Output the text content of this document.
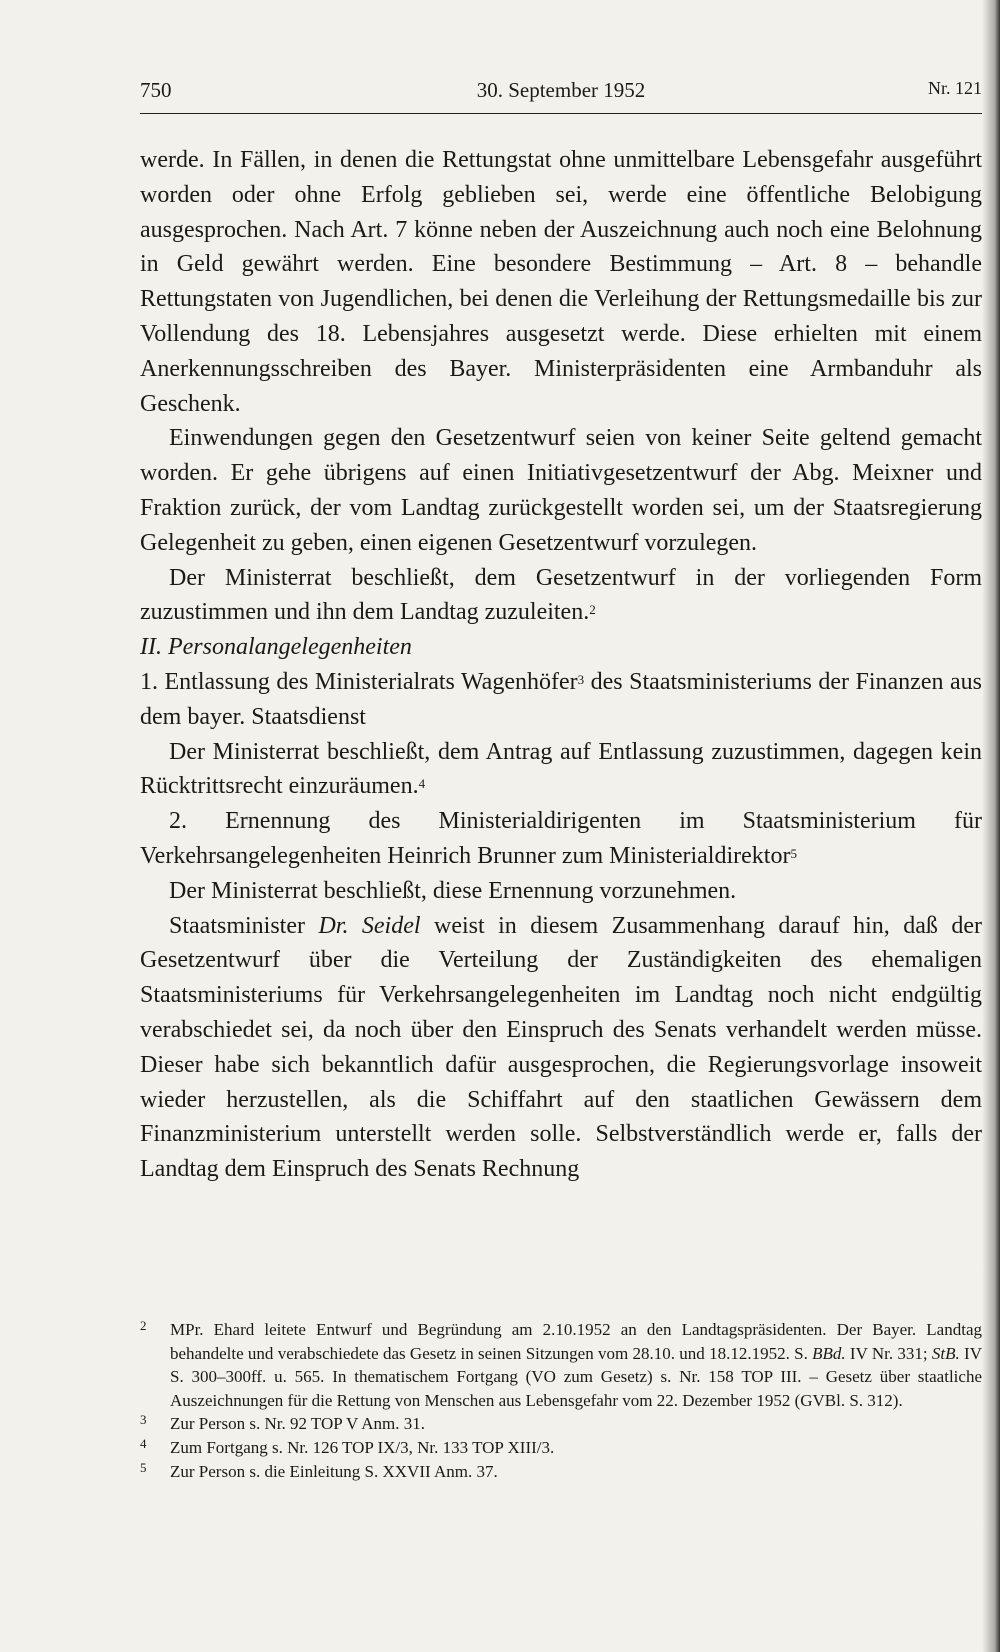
750	30. September 1952	Nr. 121

werde. In Fällen, in denen die Rettungstat ohne unmittelbare Lebensgefahr ausgeführt worden oder ohne Erfolg geblieben sei, werde eine öffentliche Belobigung ausgesprochen. Nach Art. 7 könne neben der Auszeichnung auch noch eine Belohnung in Geld gewährt werden. Eine besondere Bestimmung – Art. 8 – behandle Rettungstaten von Jugendlichen, bei denen die Verleihung der Rettungsmedaille bis zur Vollendung des 18. Lebensjahres ausgesetzt werde. Diese erhielten mit einem Anerkennungsschreiben des Bayer. Ministerpräsidenten eine Armbanduhr als Geschenk.

Einwendungen gegen den Gesetzentwurf seien von keiner Seite geltend gemacht worden. Er gehe übrigens auf einen Initiativgesetzentwurf der Abg. Meixner und Fraktion zurück, der vom Landtag zurückgestellt worden sei, um der Staatsregierung Gelegenheit zu geben, einen eigenen Gesetzentwurf vorzulegen.

Der Ministerrat beschließt, dem Gesetzentwurf in der vorliegenden Form zuzustimmen und ihn dem Landtag zuzuleiten.$^2$

II. Personalangelegenheiten

1. Entlassung des Ministerialrats Wagenhöfer$^3$ des Staatsministeriums der Finanzen aus dem bayer. Staatsdienst

Der Ministerrat beschließt, dem Antrag auf Entlassung zuzustimmen, dagegen kein Rücktrittsrecht einzuräumen.$^4$

2. Ernennung des Ministerialdirigenten im Staatsministerium für Verkehrsangelegenheiten Heinrich Brunner zum Ministerialdirektor$^5$

Der Ministerrat beschließt, diese Ernennung vorzunehmen.

Staatsminister Dr. Seidel weist in diesem Zusammenhang darauf hin, daß der Gesetzentwurf über die Verteilung der Zuständigkeiten des ehemaligen Staatsministeriums für Verkehrsangelegenheiten im Landtag noch nicht endgültig verabschiedet sei, da noch über den Einspruch des Senats verhandelt werden müsse. Dieser habe sich bekanntlich dafür ausgesprochen, die Regierungsvorlage insoweit wieder herzustellen, als die Schiffahrt auf den staatlichen Gewässern dem Finanzministerium unterstellt werden solle. Selbstverständlich werde er, falls der Landtag dem Einspruch des Senats Rechnung

2 MPr. Ehard leitete Entwurf und Begründung am 2.10.1952 an den Landtagspräsidenten. Der Bayer. Landtag behandelte und verabschiedete das Gesetz in seinen Sitzungen vom 28.10. und 18.12.1952. S. BBd. IV Nr. 331; StB. IV S. 300–300ff. u. 565. In thematischem Fortgang (VO zum Gesetz) s. Nr. 158 TOP III. – Gesetz über staatliche Auszeichnungen für die Rettung von Menschen aus Lebensgefahr vom 22. Dezember 1952 (GVBl. S. 312).

3 Zur Person s. Nr. 92 TOP V Anm. 31.

4 Zum Fortgang s. Nr. 126 TOP IX/3, Nr. 133 TOP XIII/3.

5 Zur Person s. die Einleitung S. XXVII Anm. 37.
